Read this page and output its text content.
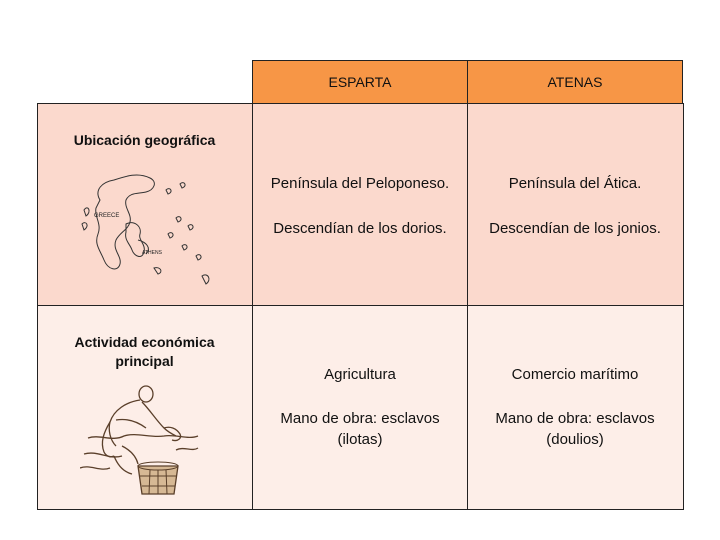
ESPARTA	ATENAS
Ubicación geográfica
GREECE
ATHENS
Península del Peloponeso.
Descendían de los dorios.
Península del Ática.
Descendían de los jonios.
Actividad económica
principal
Agricultura
Mano de obra: esclavos
(ilotas)
Comercio marítimo
Mano de obra: esclavos
(doulios)
